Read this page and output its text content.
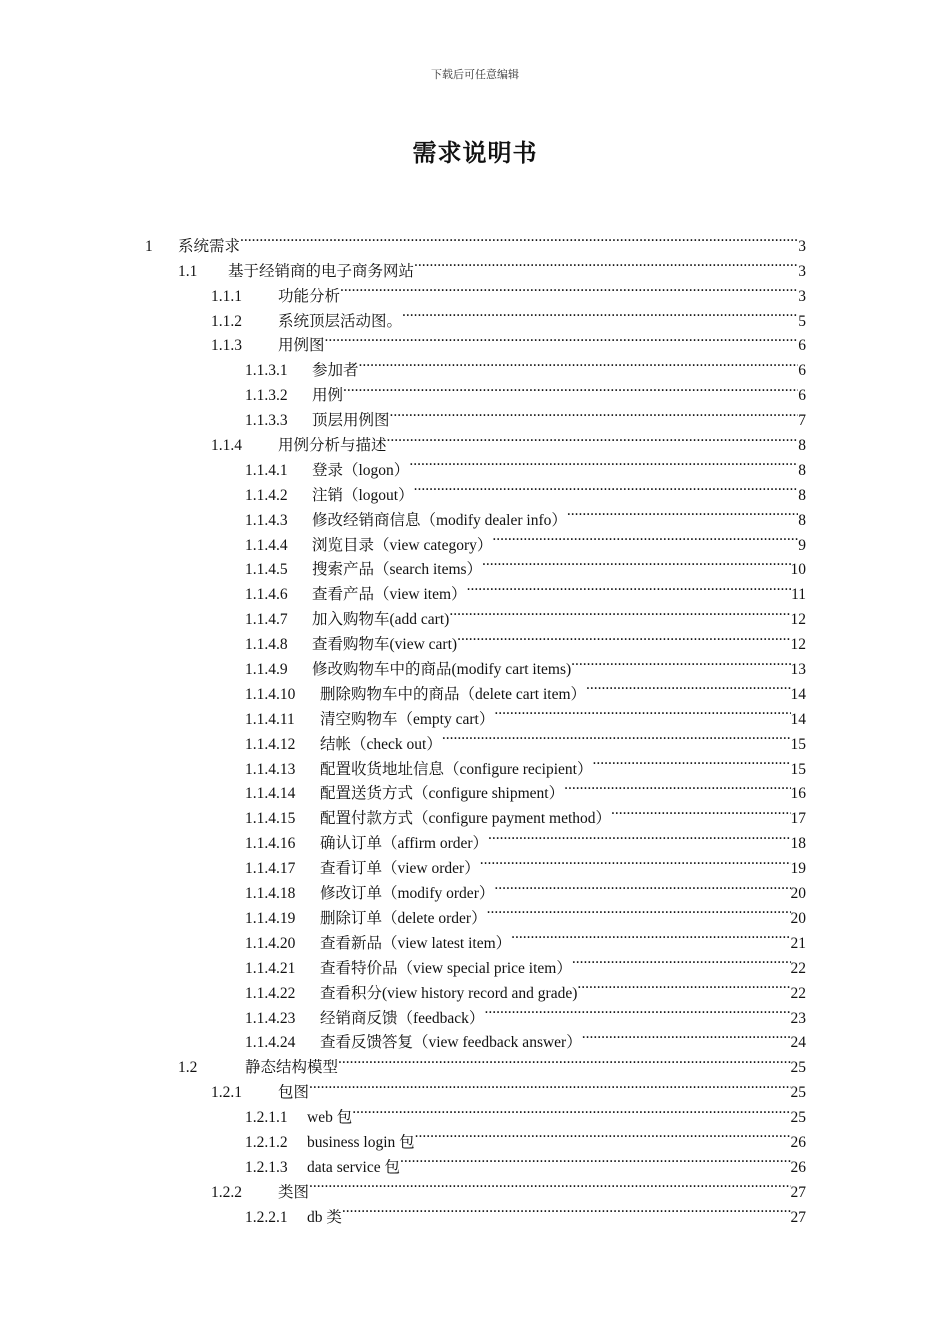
下载后可任意编辑
需求说明书
1	系统需求 .....	3
1.1	基于经销商的电子商务网站 .....	3
1.1.1	功能分析 .....	3
1.1.2	系统顶层活动图。 .....	5
1.1.3	用例图 .....	6
1.1.3.1	参加者 .....	6
1.1.3.2	用例 .....	6
1.1.3.3	顶层用例图 .....	7
1.1.4	用例分析与描述 .....	8
1.1.4.1	登录（logon） .....	8
1.1.4.2	注销（logout） .....	8
1.1.4.3	修改经销商信息（modify dealer info） .....	8
1.1.4.4	浏览目录（view category） .....	9
1.1.4.5	搜索产品（search items） .....	10
1.1.4.6	查看产品（view item） .....	11
1.1.4.7	加入购物车(add cart) .....	12
1.1.4.8	查看购物车(view cart) .....	12
1.1.4.9	修改购物车中的商品(modify cart items) .....	13
1.1.4.10	删除购物车中的商品（delete cart item） .....	14
1.1.4.11	清空购物车（empty cart） .....	14
1.1.4.12	结帐（check out） .....	15
1.1.4.13	配置收货地址信息（configure recipient） .....	15
1.1.4.14	配置送货方式（configure shipment） .....	16
1.1.4.15	配置付款方式（configure payment method） .....	17
1.1.4.16	确认订单（affirm order） .....	18
1.1.4.17	查看订单（view order） .....	19
1.1.4.18	修改订单（modify order） .....	20
1.1.4.19	删除订单（delete order） .....	20
1.1.4.20	查看新品（view latest item） .....	21
1.1.4.21	查看特价品（view special price item） .....	22
1.1.4.22	查看积分(view history record and grade) .....	22
1.1.4.23	经销商反馈（feedback） .....	23
1.1.4.24	查看反馈答复（view feedback answer） .....	24
1.2	静态结构模型 .....	25
1.2.1	包图 .....	25
1.2.1.1	web 包 .....	25
1.2.1.2	business login 包 .....	26
1.2.1.3	data service 包 .....	26
1.2.2	类图 .....	27
1.2.2.1	db 类 .....	27
